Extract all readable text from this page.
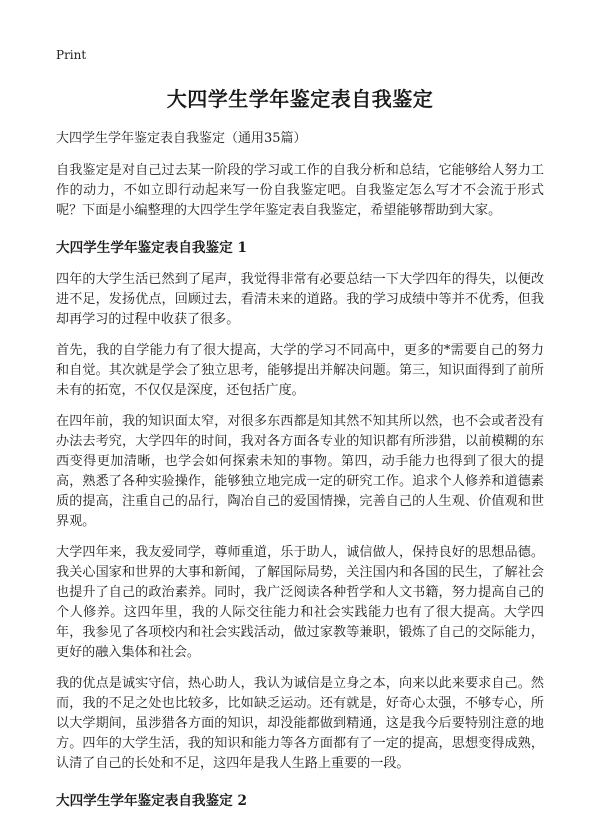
Print
大四学生学年鉴定表自我鉴定
大四学生学年鉴定表自我鉴定（通用35篇）

自我鉴定是对自己过去某一阶段的学习或工作的自我分析和总结，它能够给人努力工作的动力，不如立即行动起来写一份自我鉴定吧。自我鉴定怎么写才不会流于形式呢？下面是小编整理的大四学生学年鉴定表自我鉴定，希望能够帮助到大家。

大四学生学年鉴定表自我鉴定 1

四年的大学生活已然到了尾声，我觉得非常有必要总结一下大学四年的得失，以便改进不足，发扬优点，回顾过去，看清未来的道路。我的学习成绩中等并不优秀，但我却再学习的过程中收获了很多。

首先，我的自学能力有了很大提高，大学的学习不同高中，更多的*需要自己的努力和自觉。其次就是学会了独立思考，能够提出并解决问题。第三，知识面得到了前所未有的拓宽，不仅仅是深度，还包括广度。

在四年前，我的知识面太窄，对很多东西都是知其然不知其所以然，也不会或者没有办法去考究，大学四年的时间，我对各方面各专业的知识都有所涉猎，以前模糊的东西变得更加清晰，也学会如何探索未知的事物。第四，动手能力也得到了很大的提高，熟悉了各种实验操作，能够独立地完成一定的研究工作。追求个人修养和道德素质的提高，注重自己的品行，陶冶自己的爱国情操，完善自己的人生观、价值观和世界观。

大学四年来，我友爱同学，尊师重道，乐于助人，诚信做人，保持良好的思想品德。我关心国家和世界的大事和新闻，了解国际局势，关注国内和各国的民生，了解社会也提升了自己的政治素养。同时，我广泛阅读各种哲学和人文书籍，努力提高自己的个人修养。这四年里，我的人际交往能力和社会实践能力也有了很大提高。大学四年，我参见了各项校内和社会实践活动，做过家教等兼职，锻炼了自己的交际能力，更好的融入集体和社会。

我的优点是诚实守信，热心助人，我认为诚信是立身之本，向来以此来要求自己。然而，我的不足之处也比较多，比如缺乏运动。还有就是，好奇心太强，不够专心，所以大学期间，虽涉猎各方面的知识，却没能都做到精通，这是我今后要特别注意的地方。四年的大学生活，我的知识和能力等各方面都有了一定的提高，思想变得成熟，认清了自己的长处和不足，这四年是我人生路上重要的一段。

大四学生学年鉴定表自我鉴定 2
